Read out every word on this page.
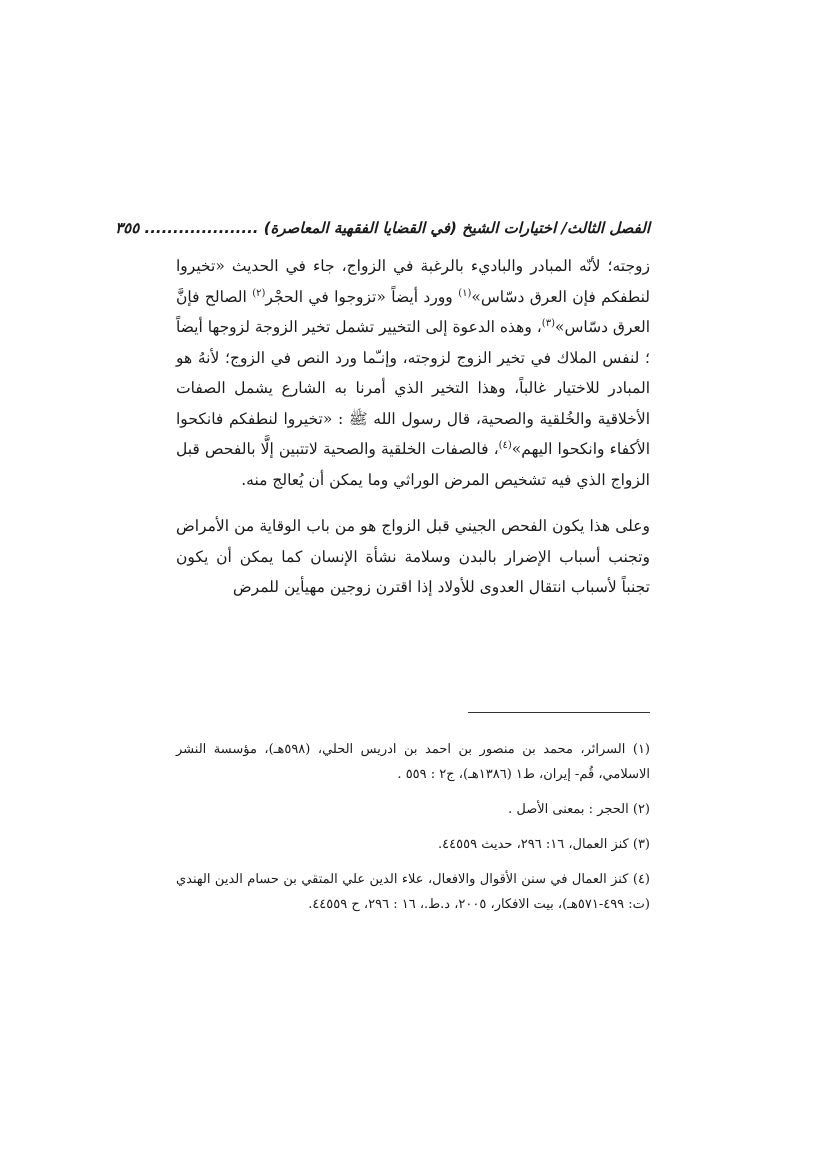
الفصل الثالث/ اختيارات الشيخ (في القضايا الفقهية المعاصرة) .................... ٣٥٥

زوجته؛ لأنّه المبادر والباديء بالرغبة في الزواج، جاء في الحديث «تخيروا لنطفكم فإن العرق دسّاس»$^{(١)}$ وورد أيضاً «تزوجوا في الحجْر$^{(٢)}$ الصالح فإنَّ العرق دسّاس»$^{(٣)}$، وهذه الدعوة إلى التخيير تشمل تخير الزوجة لزوجها أيضاً ؛ لنفس الملاك في تخير الزوج لزوجته، وإنـّما ورد النص في الزوج؛ لأنهُ هو المبادر للاختيار غالباً، وهذا التخير الذي أمرنا به الشارع يشمل الصفات الأخلاقية والخُلقية والصحية، قال رسول الله ﷺ : «تخيروا لنطفكم فانكحوا الأكفاء وانكحوا اليهم»$^{(٤)}$، فالصفات الخلقية والصحية لاتتبين إلَّا بالفحص قبل الزواج الذي فيه تشخيص المرض الوراثي وما يمكن أن يُعالج منه.

وعلى هذا يكون الفحص الجيني قبل الزواج هو من باب الوقاية من الأمراض وتجنب أسباب الإضرار بالبدن وسلامة نشأة الإنسان كما يمكن أن يكون تجنباً لأسباب انتقال العدوى للأولاد إذا اقترن زوجين مهيأين للمرض

(١) السرائر، محمد بن منصور بن احمد بن ادريس الحلي، (٥٩٨هـ)، مؤسسة النشر الاسلامي، قُم- إيران، ط١ (١٣٨٦هـ)، ج٢ : ٥٥٩ .

(٢) الحجر : بمعنى الأصل .

(٣) كنز العمال، ١٦: ٢٩٦، حديث ٤٤٥٥٩.

(٤) كنز العمال في سنن الأقوال والافعال، علاء الدين علي المتقي بن حسام الدين الهندي (ت: ٤٩٩-٥٧١هـ)، بيت الافكار، ٢٠٠٥، د.ط.، ١٦ : ٢٩٦، ح ٤٤٥٥٩.
